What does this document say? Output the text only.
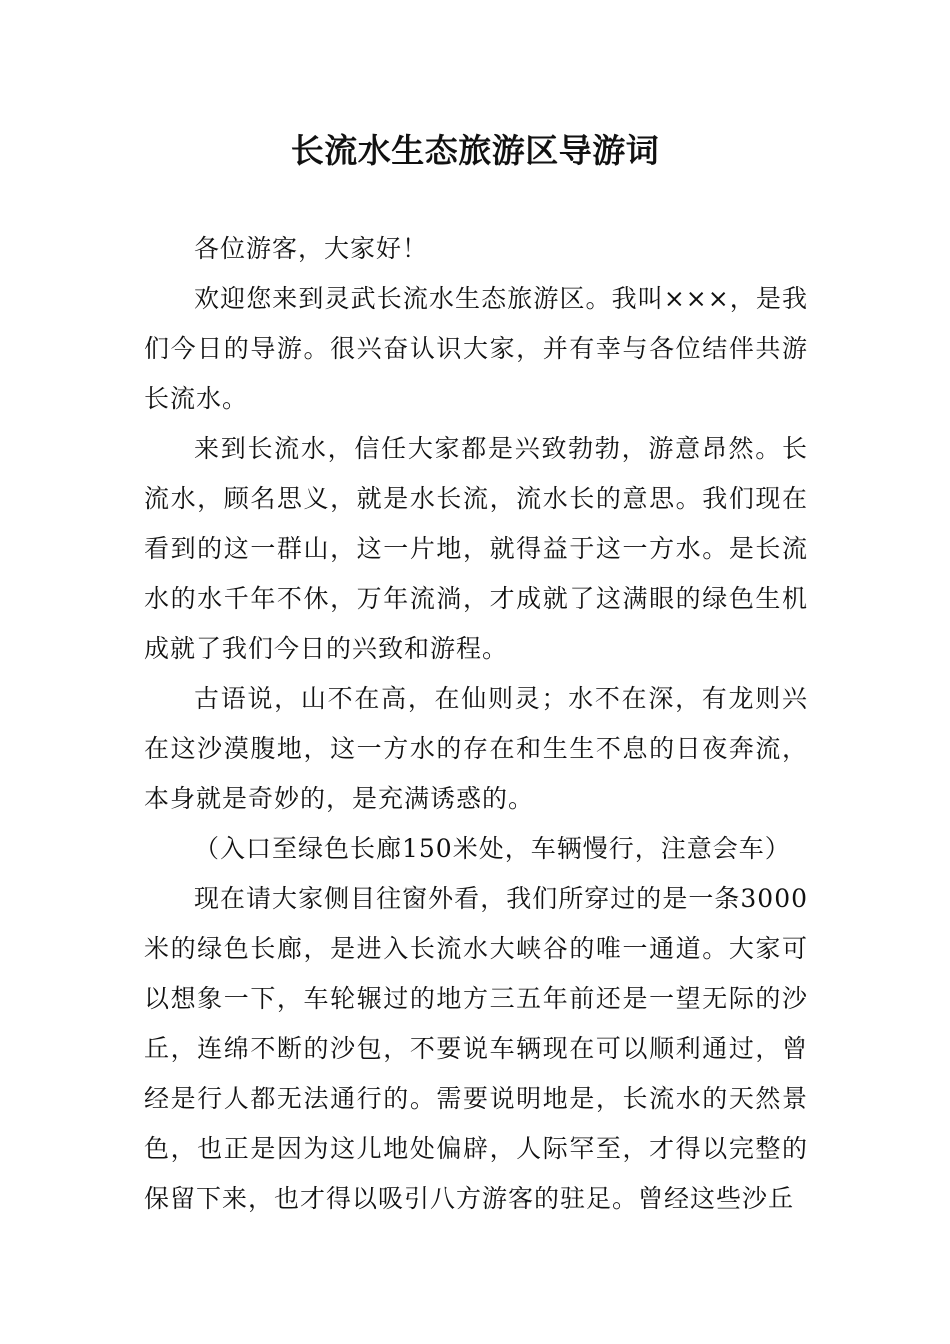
长流水生态旅游区导游词

各位游客，大家好！

欢迎您来到灵武长流水生态旅游区。我叫×××，是我们今日的导游。很兴奋认识大家，并有幸与各位结伴共游长流水。

来到长流水，信任大家都是兴致勃勃，游意昂然。长流水，顾名思义，就是水长流，流水长的意思。我们现在看到的这一群山，这一片地，就得益于这一方水。是长流水的水千年不休，万年流淌，才成就了这满眼的绿色生机成就了我们今日的兴致和游程。

古语说，山不在高，在仙则灵；水不在深，有龙则兴在这沙漠腹地，这一方水的存在和生生不息的日夜奔流，本身就是奇妙的，是充满诱惑的。

（入口至绿色长廊150米处，车辆慢行，注意会车）

现在请大家侧目往窗外看，我们所穿过的是一条3000米的绿色长廊，是进入长流水大峡谷的唯一通道。大家可以想象一下，车轮辗过的地方三五年前还是一望无际的沙丘，连绵不断的沙包，不要说车辆现在可以顺利通过，曾经是行人都无法通行的。需要说明地是，长流水的天然景色，也正是因为这儿地处偏辟，人际罕至，才得以完整的保留下来，也才得以吸引八方游客的驻足。曾经这些沙丘
